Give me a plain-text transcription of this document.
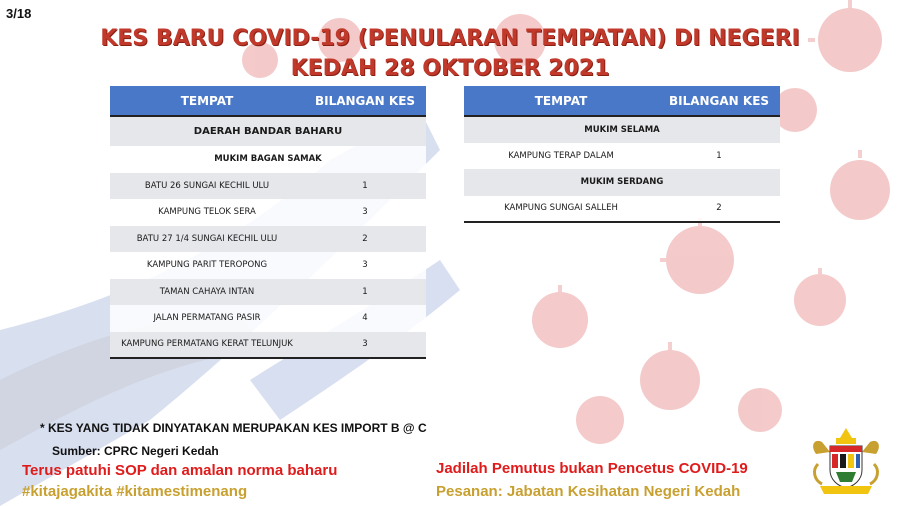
3/18
KES BARU COVID-19 (PENULARAN TEMPATAN) DI NEGERI
KEDAH 28 OKTOBER 2021
TEMPAT	BILANGAN KES
DAERAH BANDAR BAHARU	
MUKIM BAGAN SAMAK	
BATU 26 SUNGAI KECHIL ULU	1
KAMPUNG TELOK SERA	3
BATU 27 1/4 SUNGAI KECHIL ULU	2
KAMPUNG PARIT TEROPONG	3
TAMAN CAHAYA INTAN	1
JALAN PERMATANG PASIR	4
KAMPUNG PERMATANG KERAT TELUNJUK	3
TEMPAT	BILANGAN KES
MUKIM SELAMA	
KAMPUNG TERAP DALAM	1
MUKIM SERDANG	
KAMPUNG SUNGAI SALLEH	2
* KES YANG TIDAK DINYATAKAN MERUPAKAN KES IMPORT B @ C
Sumber: CPRC Negeri Kedah
Terus patuhi SOP dan amalan norma baharu
#kitajagakita #kitamestimenang
Jadilah Pemutus bukan Pencetus COVID-19
Pesanan: Jabatan Kesihatan Negeri Kedah
